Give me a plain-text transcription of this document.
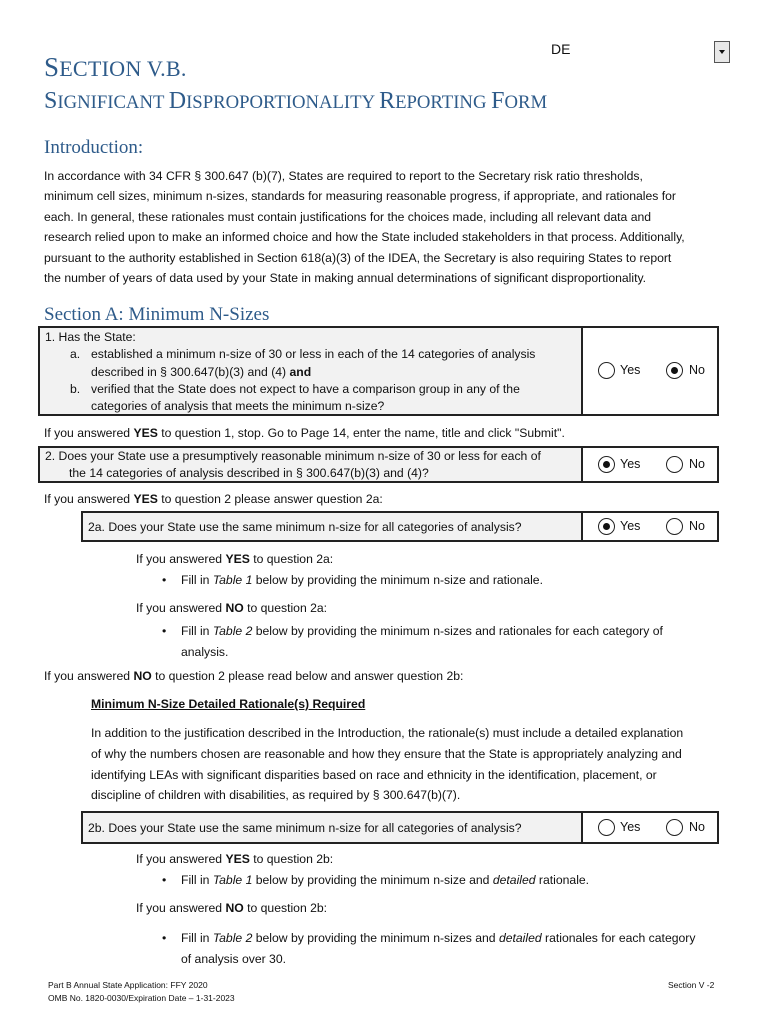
SECTION V.B.
SIGNIFICANT DISPROPORTIONALITY REPORTING FORM
DE
Introduction:
In accordance with 34 CFR § 300.647 (b)(7), States are required to report to the Secretary risk ratio thresholds,
minimum cell sizes, minimum n-sizes, standards for measuring reasonable progress, if appropriate, and rationales for
each. In general, these rationales must contain justifications for the choices made, including all relevant data and
research relied upon to make an informed choice and how the State included stakeholders in that process. Additionally,
pursuant to the authority established in Section 618(a)(3) of the IDEA, the Secretary is also requiring States to report
the number of years of data used by your State in making annual determinations of significant disproportionality.
Section A: Minimum N-Sizes
1. Has the State:
a. established a minimum n-size of 30 or less in each of the 14 categories of analysis
described in § 300.647(b)(3) and (4) and
b. verified that the State does not expect to have a comparison group in any of the
categories of analysis that meets the minimum n-size?
Yes	No
If you answered YES to question 1, stop. Go to Page 14, enter the name, title and click "Submit".
2. Does your State use a presumptively reasonable minimum n-size of 30 or less for each of
the 14 categories of analysis described in § 300.647(b)(3) and (4)?
Yes	No
If you answered YES to question 2 please answer question 2a:
2a. Does your State use the same minimum n-size for all categories of analysis?	Yes	No
If you answered YES to question 2a:
• Fill in Table 1 below by providing the minimum n-size and rationale.
If you answered NO to question 2a:
• Fill in Table 2 below by providing the minimum n-sizes and rationales for each category of
analysis.
If you answered NO to question 2 please read below and answer question 2b:
Minimum N-Size Detailed Rationale(s) Required
In addition to the justification described in the Introduction, the rationale(s) must include a detailed explanation
of why the numbers chosen are reasonable and how they ensure that the State is appropriately analyzing and
identifying LEAs with significant disparities based on race and ethnicity in the identification, placement, or
discipline of children with disabilities, as required by § 300.647(b)(7).
2b. Does your State use the same minimum n-size for all categories of analysis?	Yes	No
If you answered YES to question 2b:
• Fill in Table 1 below by providing the minimum n-size and detailed rationale.
If you answered NO to question 2b:
• Fill in Table 2 below by providing the minimum n-sizes and detailed rationales for each category
of analysis over 30.
Part B Annual State Application: FFY 2020
OMB No. 1820-0030/Expiration Date – 1-31-2023
Section V -2
